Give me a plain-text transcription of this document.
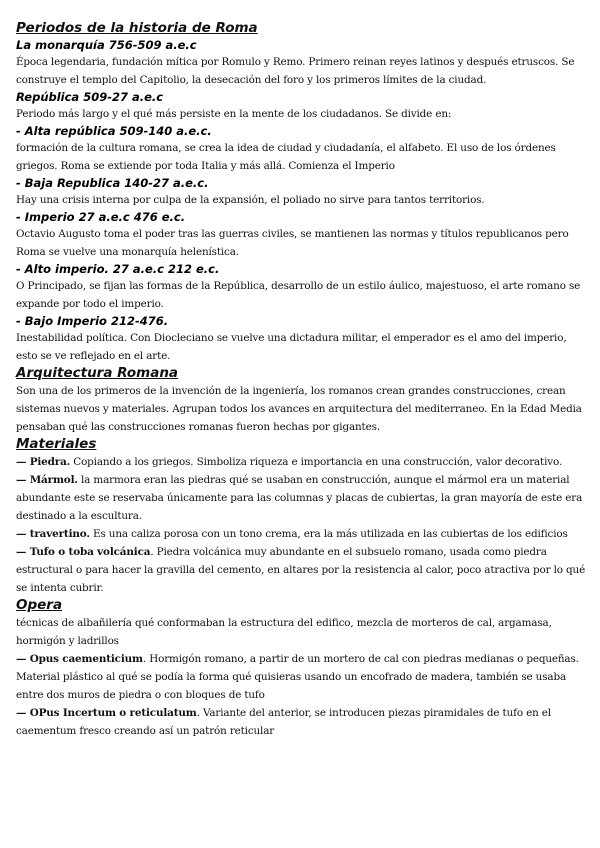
Periodos de la historia de Roma
La monarquía 756-509 a.e.c

Época legendaria, fundación mítica por Romulo y Remo. Primero reinan reyes latinos y después etruscos. Se construye el templo del Capitolio, la desecación del foro y los primeros límites de la ciudad.

República 509-27 a.e.c

Periodo más largo y el qué más persiste en la mente de los ciudadanos. Se divide en:

- Alta república 509-140 a.e.c.

formación de la cultura romana, se crea la idea de ciudad y ciudadanía, el alfabeto. El uso de los órdenes griegos. Roma se extiende por toda Italia y más allá. Comienza el Imperio

- Baja Republica 140-27 a.e.c.

Hay una crisis interna por culpa de la expansión, el poliado no sirve para tantos territorios.

- Imperio 27 a.e.c 476 e.c.

Octavio Augusto toma el poder tras las guerras civiles, se mantienen las normas y títulos republicanos pero Roma se vuelve una monarquía helenística.

- Alto imperio. 27 a.e.c 212 e.c.

O Principado, se fijan las formas de la República, desarrollo de un estilo áulico, majestuoso, el arte romano se expande por todo el imperio.

- Bajo Imperio 212-476.

Inestabilidad política. Con Diocleciano se vuelve una dictadura militar, el emperador es el amo del imperio, esto se ve reflejado en el arte.

Arquitectura Romana

Son una de los primeros de la invención de la ingeniería, los romanos crean grandes construcciones, crean sistemas nuevos y materiales. Agrupan todos los avances en arquitectura del mediterraneo. En la Edad Media pensaban qué las construcciones romanas fueron hechas por gigantes.

Materiales

— Piedra. Copiando a los griegos. Simboliza riqueza e importancia en una construcción, valor decorativo.

— Mármol. la marmora eran las piedras qué se usaban en construcción, aunque el mármol era un material abundante este se reservaba únicamente para las columnas y placas de cubiertas, la gran mayoría de este era destinado a la escultura.

— travertino. Es una caliza porosa con un tono crema, era la más utilizada en las cubiertas de los edificios

— Tufo o toba volcánica. Piedra volcánica muy abundante en el subsuelo romano, usada como piedra estructural o para hacer la gravilla del cemento, en altares por la resistencia al calor, poco atractiva por lo qué se intenta cubrir.

Opera

técnicas de albañilería qué conformaban la estructura del edifico, mezcla de morteros de cal, argamasa, hormigón y ladrillos

— Opus caementicium. Hormigón romano, a partir de un mortero de cal con piedras medianas o pequeñas. Material plástico al qué se podía la forma qué quisieras usando un encofrado de madera, también se usaba entre dos muros de piedra o con bloques de tufo

— OPus Incertum o reticulatum. Variante del anterior, se introducen piezas piramidales de tufo en el caementum fresco creando así un patrón reticular
